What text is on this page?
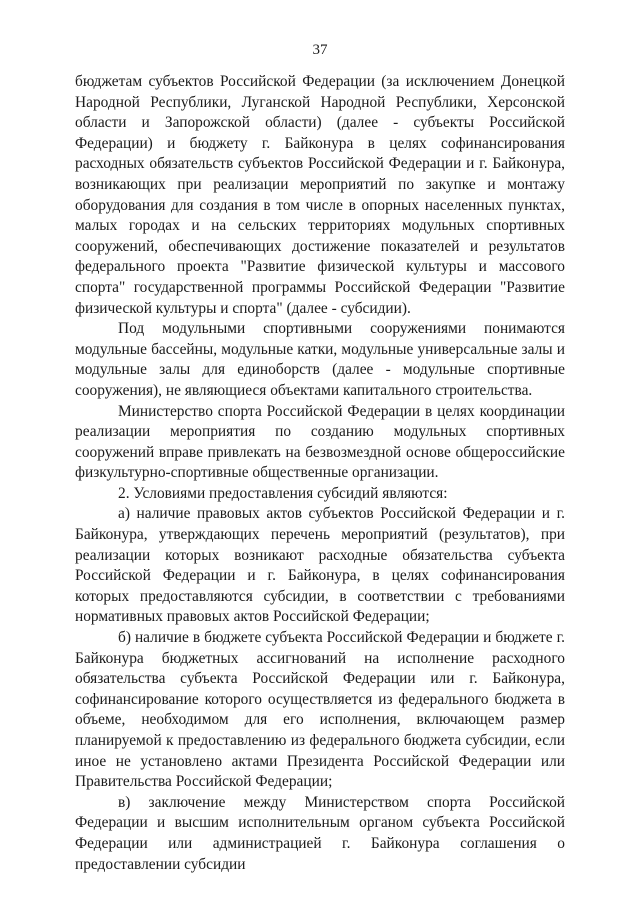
37

бюджетам субъектов Российской Федерации (за исключением Донецкой Народной Республики, Луганской Народной Республики, Херсонской области и Запорожской области) (далее - субъекты Российской Федерации) и бюджету г. Байконура в целях софинансирования расходных обязательств субъектов Российской Федерации и г. Байконура, возникающих при реализации мероприятий по закупке и монтажу оборудования для создания в том числе в опорных населенных пунктах, малых городах и на сельских территориях модульных спортивных сооружений, обеспечивающих достижение показателей и результатов федерального проекта "Развитие физической культуры и массового спорта" государственной программы Российской Федерации "Развитие физической культуры и спорта" (далее - субсидии).

Под модульными спортивными сооружениями понимаются модульные бассейны, модульные катки, модульные универсальные залы и модульные залы для единоборств (далее - модульные спортивные сооружения), не являющиеся объектами капитального строительства.

Министерство спорта Российской Федерации в целях координации реализации мероприятия по созданию модульных спортивных сооружений вправе привлекать на безвозмездной основе общероссийские физкультурно-спортивные общественные организации.

2. Условиями предоставления субсидий являются:

а) наличие правовых актов субъектов Российской Федерации и г. Байконура, утверждающих перечень мероприятий (результатов), при реализации которых возникают расходные обязательства субъекта Российской Федерации и г. Байконура, в целях софинансирования которых предоставляются субсидии, в соответствии с требованиями нормативных правовых актов Российской Федерации;

б) наличие в бюджете субъекта Российской Федерации и бюджете г. Байконура бюджетных ассигнований на исполнение расходного обязательства субъекта Российской Федерации или г. Байконура, софинансирование которого осуществляется из федерального бюджета в объеме, необходимом для его исполнения, включающем размер планируемой к предоставлению из федерального бюджета субсидии, если иное не установлено актами Президента Российской Федерации или Правительства Российской Федерации;

в) заключение между Министерством спорта Российской Федерации и высшим исполнительным органом субъекта Российской Федерации или администрацией г. Байконура соглашения о предоставлении субсидии
